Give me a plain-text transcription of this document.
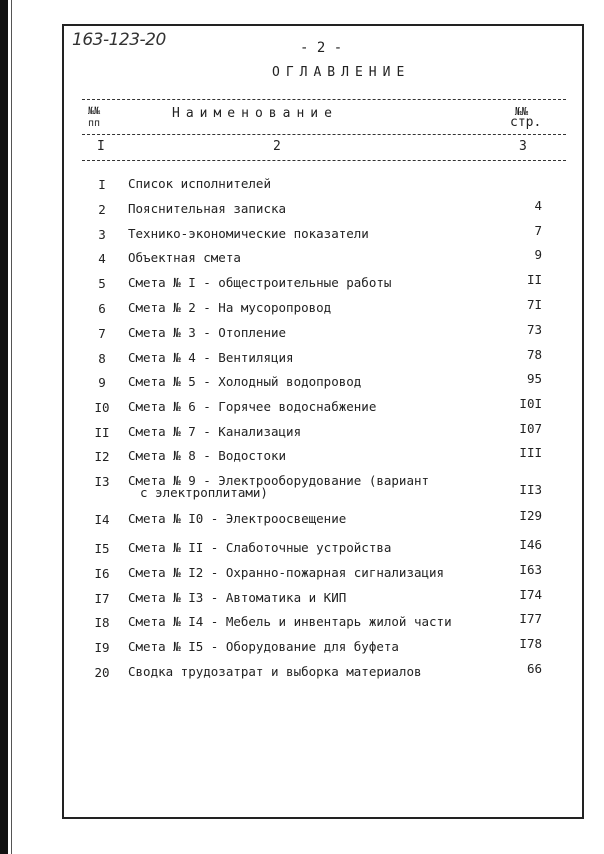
163-123-20	- 2 -
ОГЛАВЛЕНИЕ
№№
пп
Наименование	№№
стр.
I	2	3
I	Список исполнителей
2	Пояснительная записка	4
3	Технико-экономические показатели	7
4	Объектная смета	9
5	Смета № I - общестроительные работы	II
6	Смета № 2 - На мусоропровод	7I
7	Смета № 3 - Отопление	73
8	Смета № 4 - Вентиляция	78
9	Смета № 5 - Холодный водопровод	95
I0	Смета № 6 - Горячее водоснабжение	I0I
II	Смета № 7 - Канализация	I07
I2	Смета № 8 - Водостоки	III
I3	Смета № 9 - Электрооборудование (вариант
с электроплитами)	II3
I4	Смета № I0 - Электроосвещение	I29
I5	Смета № II - Слаботочные устройства	I46
I6	Смета № I2 - Охранно-пожарная сигнализация	I63
I7	Смета № I3 - Автоматика и КИП	I74
I8	Смета № I4 - Мебель и инвентарь жилой части	I77
I9	Смета № I5 - Оборудование для буфета	I78
20	Сводка трудозатрат и выборка материалов	66
